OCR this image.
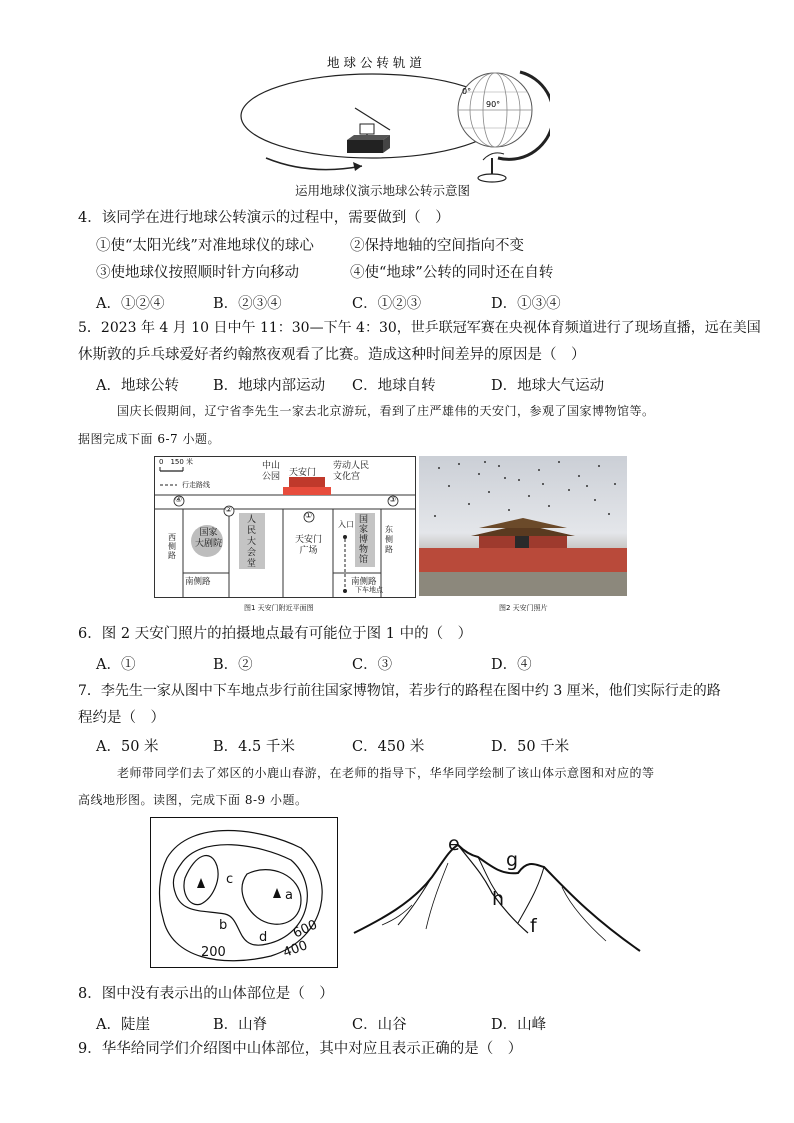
地 球 公 转 轨 道
0°
90°
运用地球仪演示地球公转示意图
4．该同学在进行地球公转演示的过程中，需要做到（　）
①使“太阳光线”对准地球仪的球心 ②保持地轴的空间指向不变
③使地球仪按照顺时针方向移动	④使“地球”公转的同时还在自转
A．①②④	B．②③④	C．①②③	D．①③④
5．2023 年 4 月 10 日中午 11：30—下午 4：30，世乒联冠军赛在央视体育频道进行了现场直播，远在美国
休斯敦的乒乓球爱好者约翰熬夜观看了比赛。造成这种时间差异的原因是（　）
A．地球公转 B．地球内部运动 C．地球自转	D．地球大气运动
国庆长假期间，辽宁省李先生一家去北京游玩，看到了庄严雄伟的天安门，参观了国家博物馆等。
据图完成下面 6-7 小题。
0　150 米
行走路线
中山
公园 天安门
劳动人民
文化宫
④
②
①
③
国家
大剧院
西
侧
路
人
民
大
会
堂
天安门
广场
入口 国
家
博
物
馆
东
侧
路
南侧路	南侧路
下车地点
图1 天安门附近平面图	图2 天安门照片
6．图 2 天安门照片的拍摄地点最有可能位于图 1 中的（　）
A．①	B．②	C．③	D．④
7．李先生一家从图中下车地点步行前往国家博物馆，若步行的路程在图中约 3 厘米，他们实际行走的路
程约是（　）
A．50 米	B．4.5 千米	C．450 米	D．50 千米
老师带同学们去了郊区的小鹿山春游，在老师的指导下，华华同学绘制了该山体示意图和对应的等
高线地形图。读图，完成下面 8-9 小题。
c
a
b
d 600
400
200
e
g
h
f
8．图中没有表示出的山体部位是（　）
A．陡崖	B．山脊	C．山谷	D．山峰
9．华华给同学们介绍图中山体部位，其中对应且表示正确的是（　）
